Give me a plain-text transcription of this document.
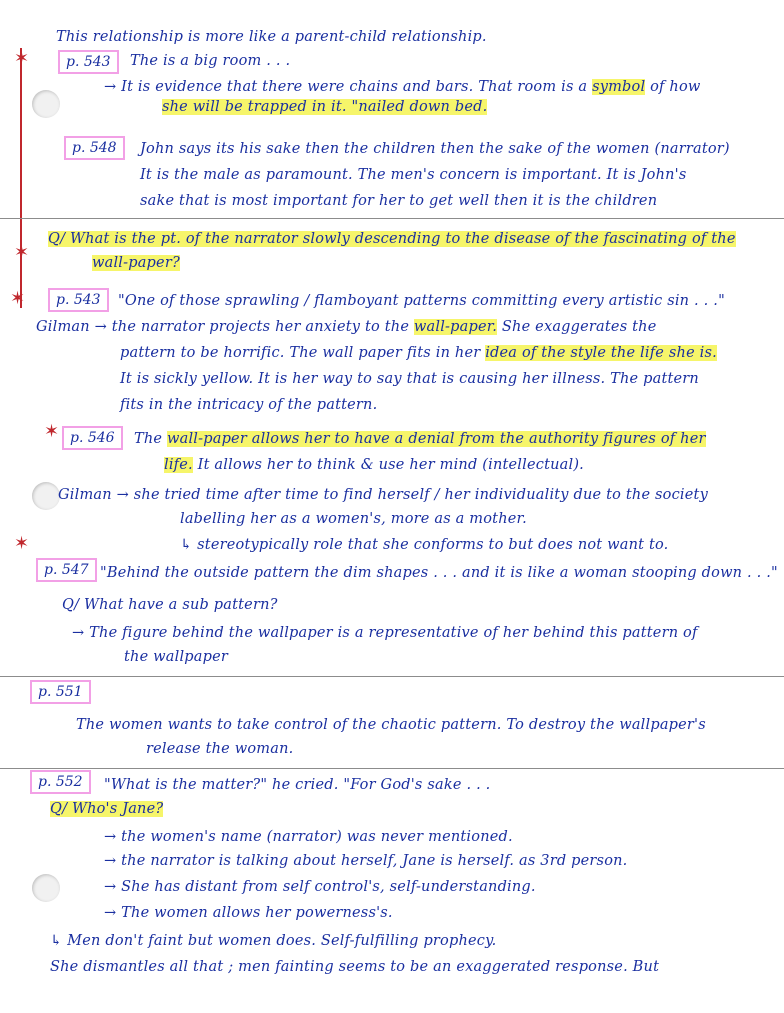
✶
✶
✶
✶
✶
This relationship is more like a parent-child relationship.
p. 543	The is a big room . . .
→ It is evidence that there were chains and bars. That room is a symbol of how
she will be trapped in it. "nailed down bed.
p. 548	John says its his sake then the children then the sake of the women (narrator)
It is the male as paramount. The men's concern is important. It is John's
sake that is most important for her to get well then it is the children
Q/ What is the pt. of the narrator slowly descending to the disease of the fascinating of the
wall-paper?
p. 543	"One of those sprawling / flamboyant patterns committing every artistic sin . . ."
Gilman → the narrator projects her anxiety to the wall-paper. She exaggerates the
pattern to be horrific. The wall paper fits in her idea of the style the life she is.
It is sickly yellow. It is her way to say that is causing her illness. The pattern
fits in the intricacy of the pattern.
p. 546	The wall-paper allows her to have a denial from the authority figures of her
life. It allows her to think & use her mind (intellectual).
Gilman → she tried time after time to find herself / her individuality due to the society
labelling her as a women's, more as a mother.
↳ stereotypically role that she conforms to but does not want to.
p. 547 "Behind the outside pattern the dim shapes . . . and it is like a woman stooping down . . ."
Q/ What have a sub pattern?
→ The figure behind the wallpaper is a representative of her behind this pattern of
the wallpaper
p. 551
The women wants to take control of the chaotic pattern. To destroy the wallpaper's
release the woman.
p. 552	"What is the matter?" he cried. "For God's sake . . .
Q/ Who's Jane?
→ the women's name (narrator) was never mentioned.
→ the narrator is talking about herself, Jane is herself. as 3rd person.
→ She has distant from self control's, self-understanding.
→ The women allows her powerness's.
↳ Men don't faint but women does. Self-fulfilling prophecy.
She dismantles all that ; men fainting seems to be an exaggerated response. But
